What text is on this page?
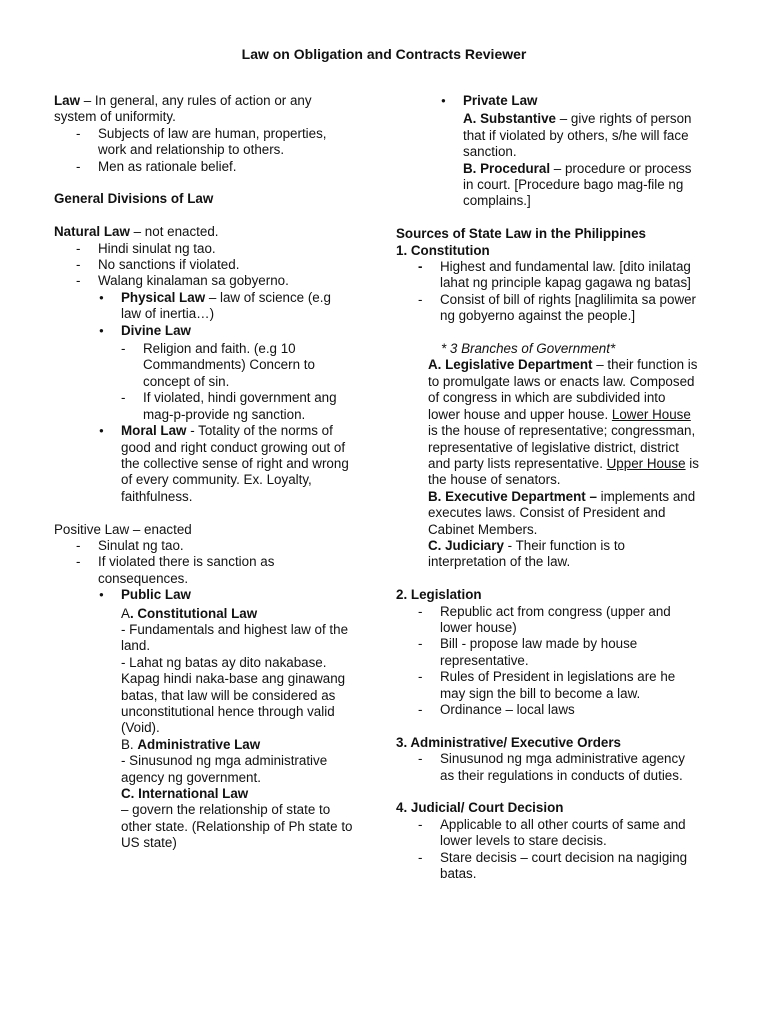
Law on Obligation and Contracts Reviewer

Law – In general, any rules of action or any system of uniformity.

-	Subjects of law are human, properties, work and relationship to others.
-	Men as rationale belief.

General Divisions of Law

Natural Law – not enacted.

-	Hindi sinulat ng tao.
-	No sanctions if violated.
-	Walang kinalaman sa gobyerno.
●
Physical Law – law of science (e.g law of inertia…)
●
Divine Law
-	Religion and faith. (e.g 10 Commandments) Concern to concept of sin.
-	If violated, hindi government ang mag-p-provide ng sanction.
●
Moral Law - Totality of the norms of good and right conduct growing out of the collective sense of right and wrong of every community. Ex. Loyalty, faithfulness.

Positive Law – enacted

-	Sinulat ng tao.
-	If violated there is sanction as consequences.
●
Public Law

A. Constitutional Law

- Fundamentals and highest law of the land.

- Lahat ng batas ay dito nakabase. Kapag hindi naka-base ang ginawang batas, that law will be considered as unconstitutional hence through valid (Void).

B. Administrative Law

- Sinusunod ng mga administrative agency ng government.

C. International Law

– govern the relationship of state to other state. (Relationship of Ph state to US state)

●
Private Law

A. Substantive – give rights of person that if violated by others, s/he will face sanction.

B. Procedural – procedure or process in court. [Procedure bago mag-file ng complains.]

Sources of State Law in the Philippines

1. Constitution

-	Highest and fundamental law. [dito inilatag lahat ng principle kapag gagawa ng batas]
-	Consist of bill of rights [naglilimita sa power ng gobyerno against the people.]

* 3 Branches of Government*

A. Legislative Department – their function is to promulgate laws or enacts law. Composed of congress in which are subdivided into lower house and upper house. Lower House is the house of representative; congressman, representative of legislative district, district and party lists representative. Upper House is the house of senators.

B. Executive Department – implements and executes laws. Consist of President and Cabinet Members.

C. Judiciary - Their function is to interpretation of the law.

2. Legislation

-	Republic act from congress (upper and lower house)
-	Bill - propose law made by house representative.
-	Rules of President in legislations are he may sign the bill to become a law.
-	Ordinance – local laws

3. Administrative/ Executive Orders

-	Sinusunod ng mga administrative agency as their regulations in conducts of duties.

4. Judicial/ Court Decision

-	Applicable to all other courts of same and lower levels to stare decisis.
-	Stare decisis – court decision na nagiging batas.
